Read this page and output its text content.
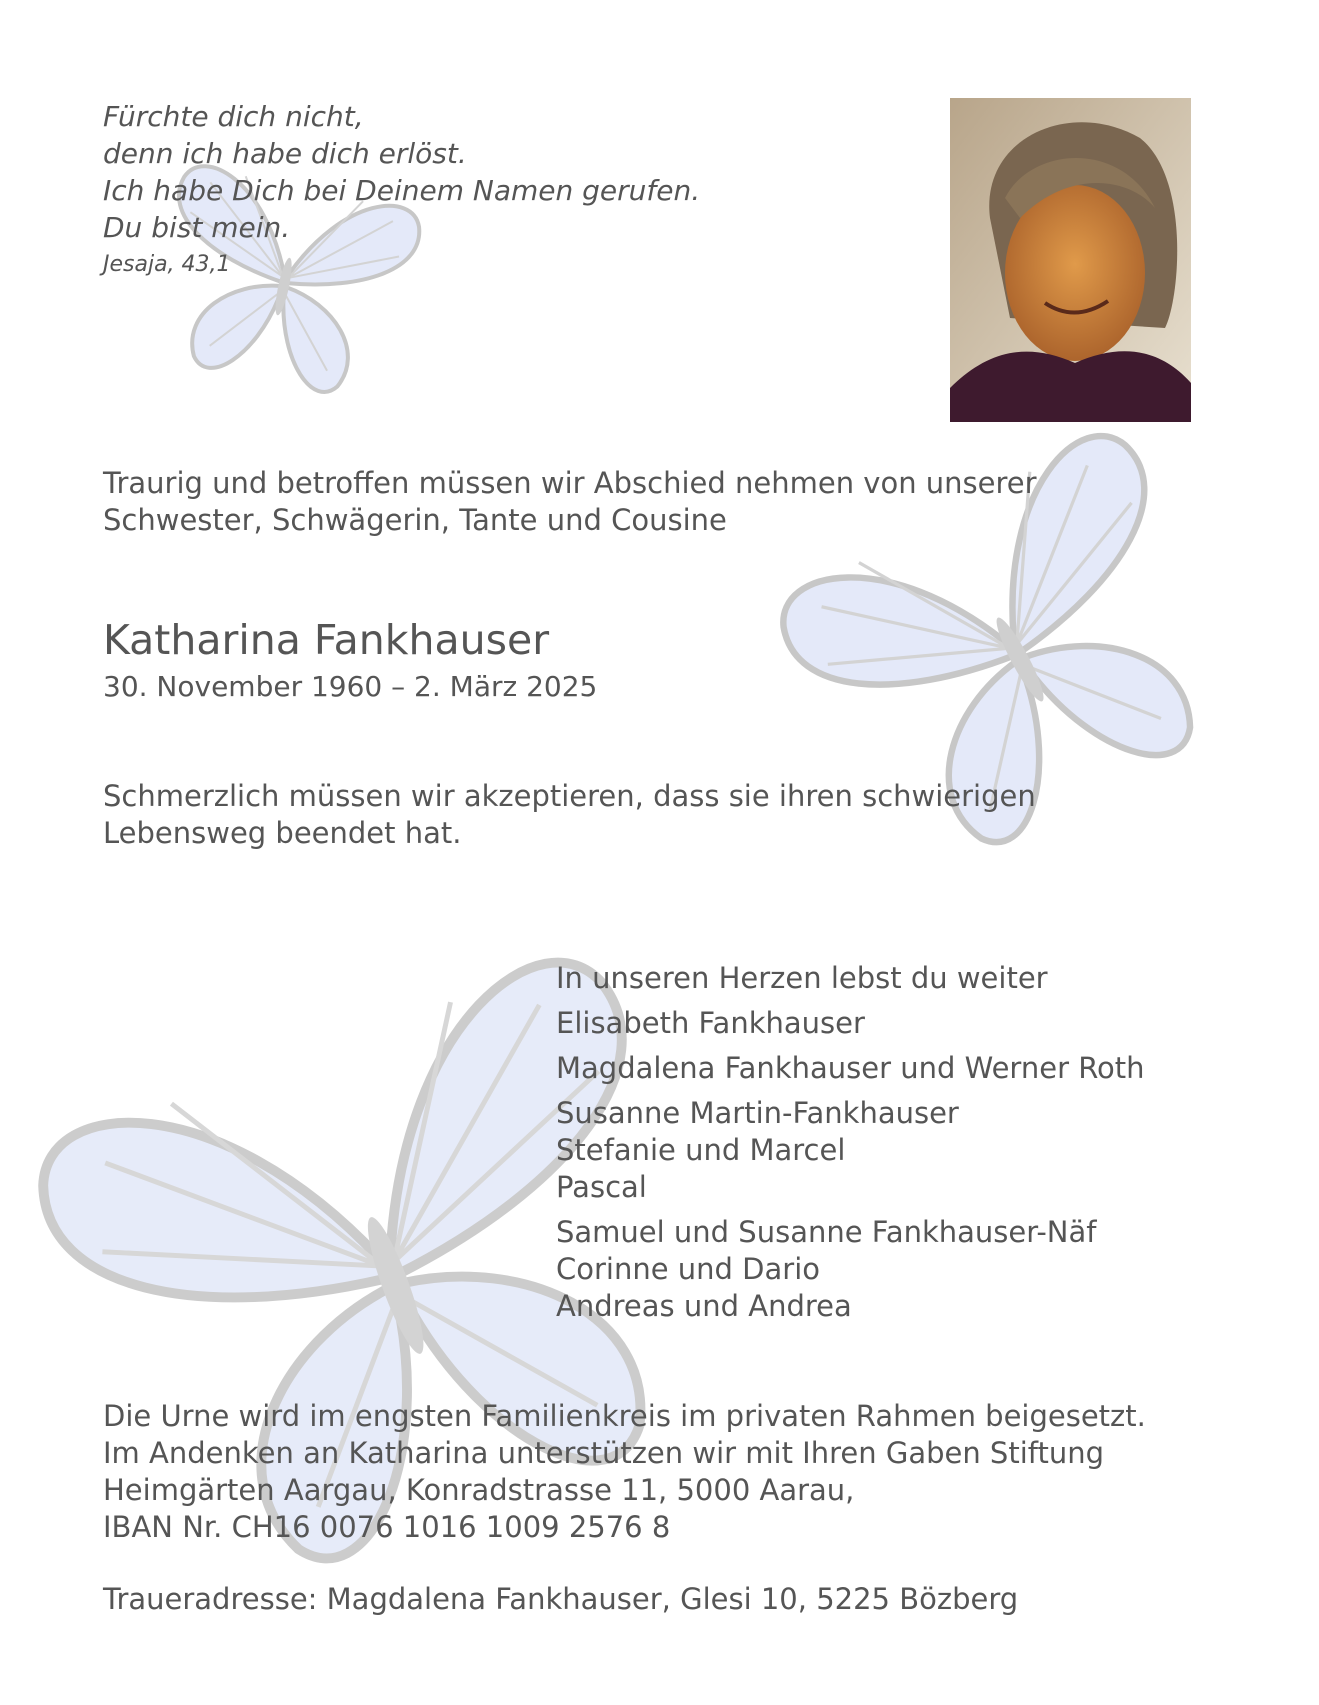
Fürchte dich nicht,
denn ich habe dich erlöst.
Ich habe Dich bei Deinem Namen gerufen.
Du bist mein.
Jesaja, 43,1
Traurig und betroffen müssen wir Abschied nehmen von unserer
Schwester, Schwägerin, Tante und Cousine
Katharina Fankhauser
30. November 1960 – 2. März 2025
Schmerzlich müssen wir akzeptieren, dass sie ihren schwierigen
Lebensweg beendet hat.
In unseren Herzen lebst du weiter
Elisabeth Fankhauser
Magdalena Fankhauser und Werner Roth
Susanne Martin-Fankhauser
Stefanie und Marcel
Pascal
Samuel und Susanne Fankhauser-Näf
Corinne und Dario
Andreas und Andrea
Die Urne wird im engsten Familienkreis im privaten Rahmen beigesetzt.
Im Andenken an Katharina unterstützen wir mit Ihren Gaben Stiftung
Heimgärten Aargau, Konradstrasse 11, 5000 Aarau,
IBAN Nr. CH16 0076 1016 1009 2576 8
Traueradresse: Magdalena Fankhauser, Glesi 10, 5225 Bözberg
